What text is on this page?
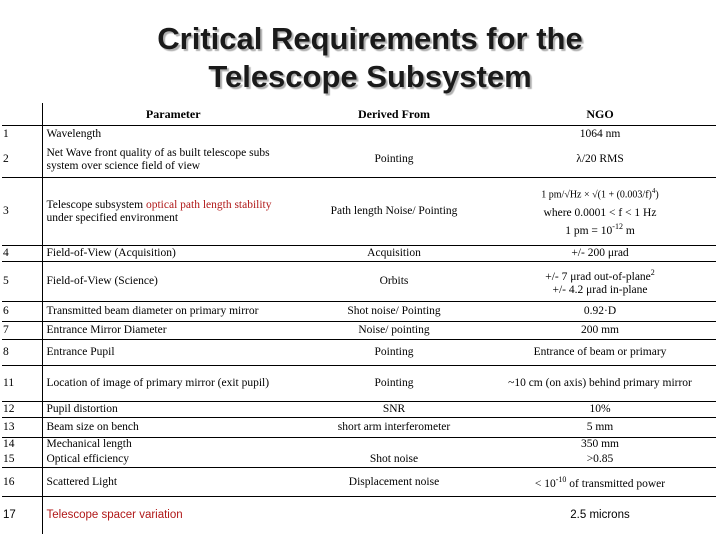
Critical Requirements for the
Telescope Subsystem
	Parameter	Derived From	NGO
1	Wavelength		1064 nm
2	Net Wave front quality of as built telescope subs system over science field of view	Pointing	λ/20 RMS
3	Telescope subsystem optical path length stability under specified environment	Path length Noise/ Pointing	1 $pm/√Hz \times √(1 + (0.003/f)^4)$
where 0.0001 < f < 1 Hz
1 pm = $10^{-12}$ m

4	Field-of-View (Acquisition)	Acquisition	+/- 200 μrad
5	Field-of-View (Science)	Orbits	+/- 7 μrad out-of-plane$^2$
+/- 4.2 μrad in-plane

6	Transmitted beam diameter on primary mirror	Shot noise/ Pointing	0.92·D
7	Entrance Mirror Diameter	Noise/ pointing	200 mm
8	Entrance Pupil	Pointing	Entrance of beam or primary
11	Location of image of primary mirror (exit pupil)	Pointing	~10 cm (on axis) behind primary mirror
12	Pupil distortion	SNR	10%
13	Beam size on bench	short arm interferometer	5 mm
14	Mechanical length		350 mm
15	Optical efficiency	Shot noise	>0.85
16	Scattered Light	Displacement noise	< $10^{-10}$ of transmitted power
17	Telescope spacer variation		2.5 microns
